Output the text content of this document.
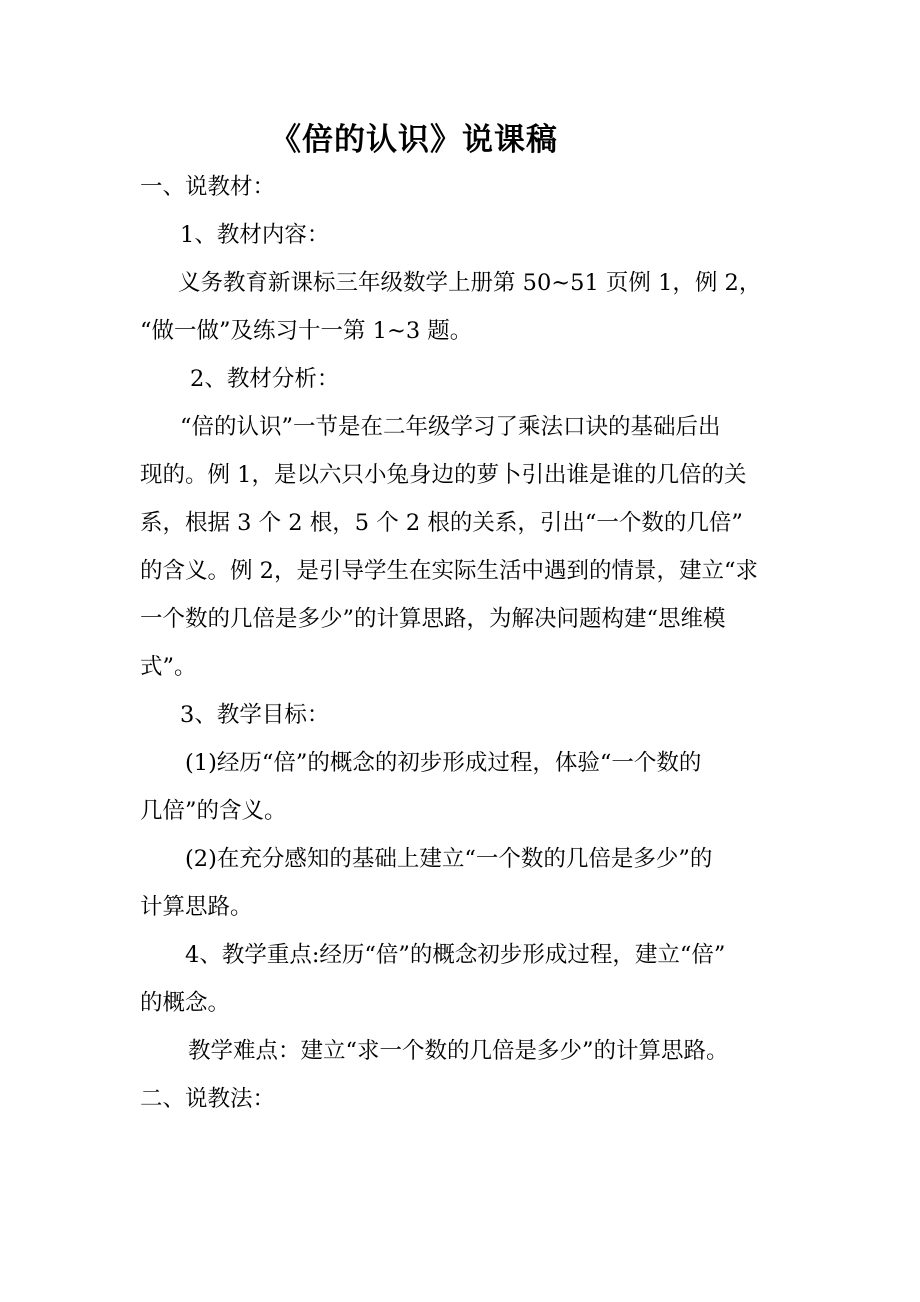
《倍的认识》说课稿
一、说教材：
1、教材内容：
义务教育新课标三年级数学上册第 50~51 页例 1，例 2，
“做一做”及练习十一第 1~3 题。
2、教材分析：
“倍的认识”一节是在二年级学习了乘法口诀的基础后出
现的。例 1，是以六只小兔身边的萝卜引出谁是谁的几倍的关
系，根据 3 个 2 根，5 个 2 根的关系，引出“一个数的几倍”
的含义。例 2，是引导学生在实际生活中遇到的情景，建立“求
一个数的几倍是多少”的计算思路，为解决问题构建“思维模
式”。
3、教学目标：
(1)经历“倍”的概念的初步形成过程，体验“一个数的
几倍”的含义。
(2)在充分感知的基础上建立“一个数的几倍是多少”的
计算思路。
4、教学重点:经历“倍”的概念初步形成过程，建立“倍”
的概念。
教学难点：建立“求一个数的几倍是多少”的计算思路。
二、说教法：
